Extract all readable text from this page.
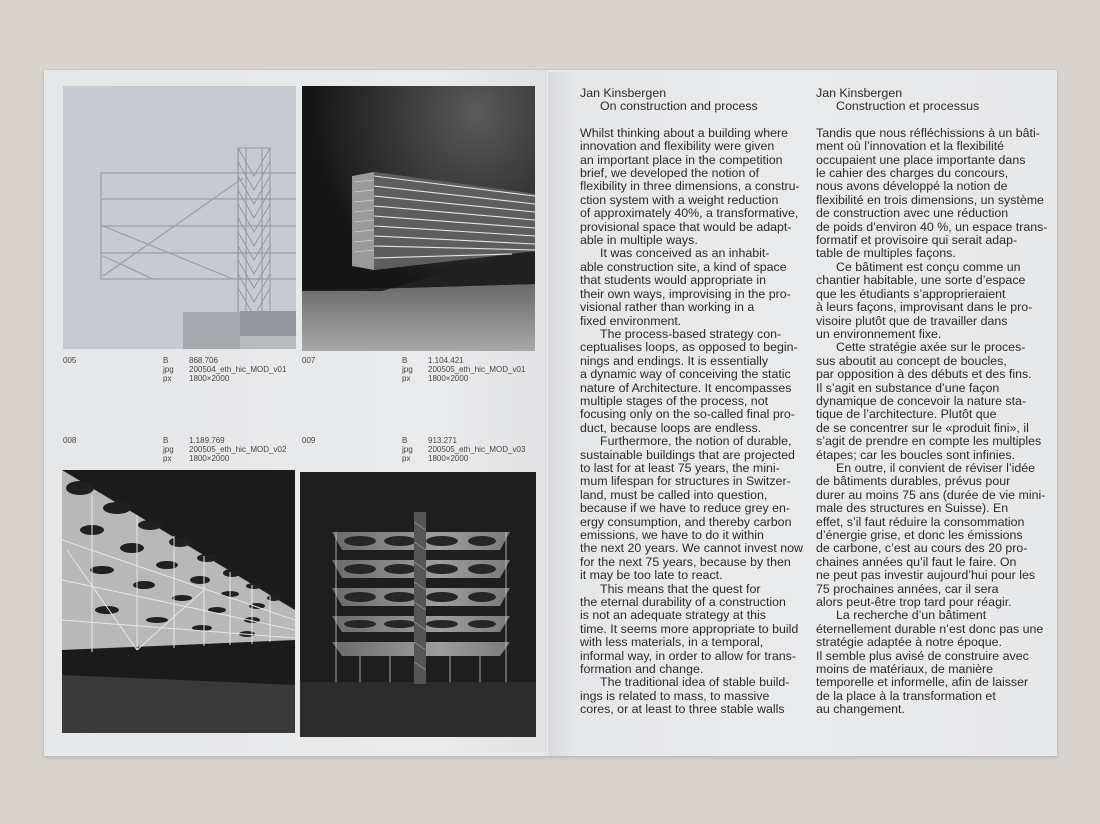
005	B	868.706
jpg	200504_eth_hic_MOD_v01
px	1800×2000
007	B	1.104.421
jpg	200505_eth_hic_MOD_v01
px	1800×2000
008	B	1.189.769
jpg	200505_eth_hic_MOD_v02
px	1800×2000
009	B	913.271
jpg	200505_eth_hic_MOD_v03
px	1800×2000
Jan Kinsbergen
On construction and process

Whilst thinking about a building where
innovation and flexibility were given
an important place in the competition
brief, we developed the notion of
flexibility in three dimensions, a constru-
ction system with a weight reduction
of approximately 40%, a transformative,
provisional space that would be adapt-
able in multiple ways.

It was conceived as an inhabit-
able construction site, a kind of space
that students would appropriate in
their own ways, improvising in the pro-
visional rather than working in a
fixed environment.

The process-based strategy con-
ceptualises loops, as opposed to begin-
nings and endings. It is essentially
a dynamic way of conceiving the static
nature of Architecture. It encompasses
multiple stages of the process, not
focusing only on the so-called final pro-
duct, because loops are endless.

Furthermore, the notion of durable,
sustainable buildings that are projected
to last for at least 75 years, the mini-
mum lifespan for structures in Switzer-
land, must be called into question,
because if we have to reduce grey en-
ergy consumption, and thereby carbon
emissions, we have to do it within
the next 20 years. We cannot invest now
for the next 75 years, because by then
it may be too late to react.

This means that the quest for
the eternal durability of a construction
is not an adequate strategy at this
time. It seems more appropriate to build
with less materials, in a temporal,
informal way, in order to allow for trans-
formation and change.

The traditional idea of stable build-
ings is related to mass, to massive
cores, or at least to three stable walls

Jan Kinsbergen
Construction et processus

Tandis que nous réfléchissions à un bâti-
ment où l’innovation et la flexibilité
occupaient une place importante dans
le cahier des charges du concours,
nous avons développé la notion de
flexibilité en trois dimensions, un système
de construction avec une réduction
de poids d’environ 40 %, un espace trans-
formatif et provisoire qui serait adap-
table de multiples façons.

Ce bâtiment est conçu comme un
chantier habitable, une sorte d’espace
que les étudiants s’approprieraient
à leurs façons, improvisant dans le pro-
visoire plutôt que de travailler dans
un environnement fixe.

Cette stratégie axée sur le proces-
sus aboutit au concept de boucles,
par opposition à des débuts et des fins.
Il s’agit en substance d’une façon
dynamique de concevoir la nature sta-
tique de l’architecture. Plutôt que
de se concentrer sur le «produit fini», il
s’agit de prendre en compte les multiples
étapes; car les boucles sont infinies.

En outre, il convient de réviser l’idée
de bâtiments durables, prévus pour
durer au moins 75 ans (durée de vie mini-
male des structures en Suisse). En
effet, s’il faut réduire la consommation
d’énergie grise, et donc les émissions
de carbone, c’est au cours des 20 pro-
chaines années qu’il faut le faire. On
ne peut pas investir aujourd’hui pour les
75 prochaines années, car il sera
alors peut-être trop tard pour réagir.

La recherche d’un bâtiment
éternellement durable n’est donc pas une
stratégie adaptée à notre époque.
Il semble plus avisé de construire avec
moins de matériaux, de manière
temporelle et informelle, afin de laisser
de la place à la transformation et
au changement.
